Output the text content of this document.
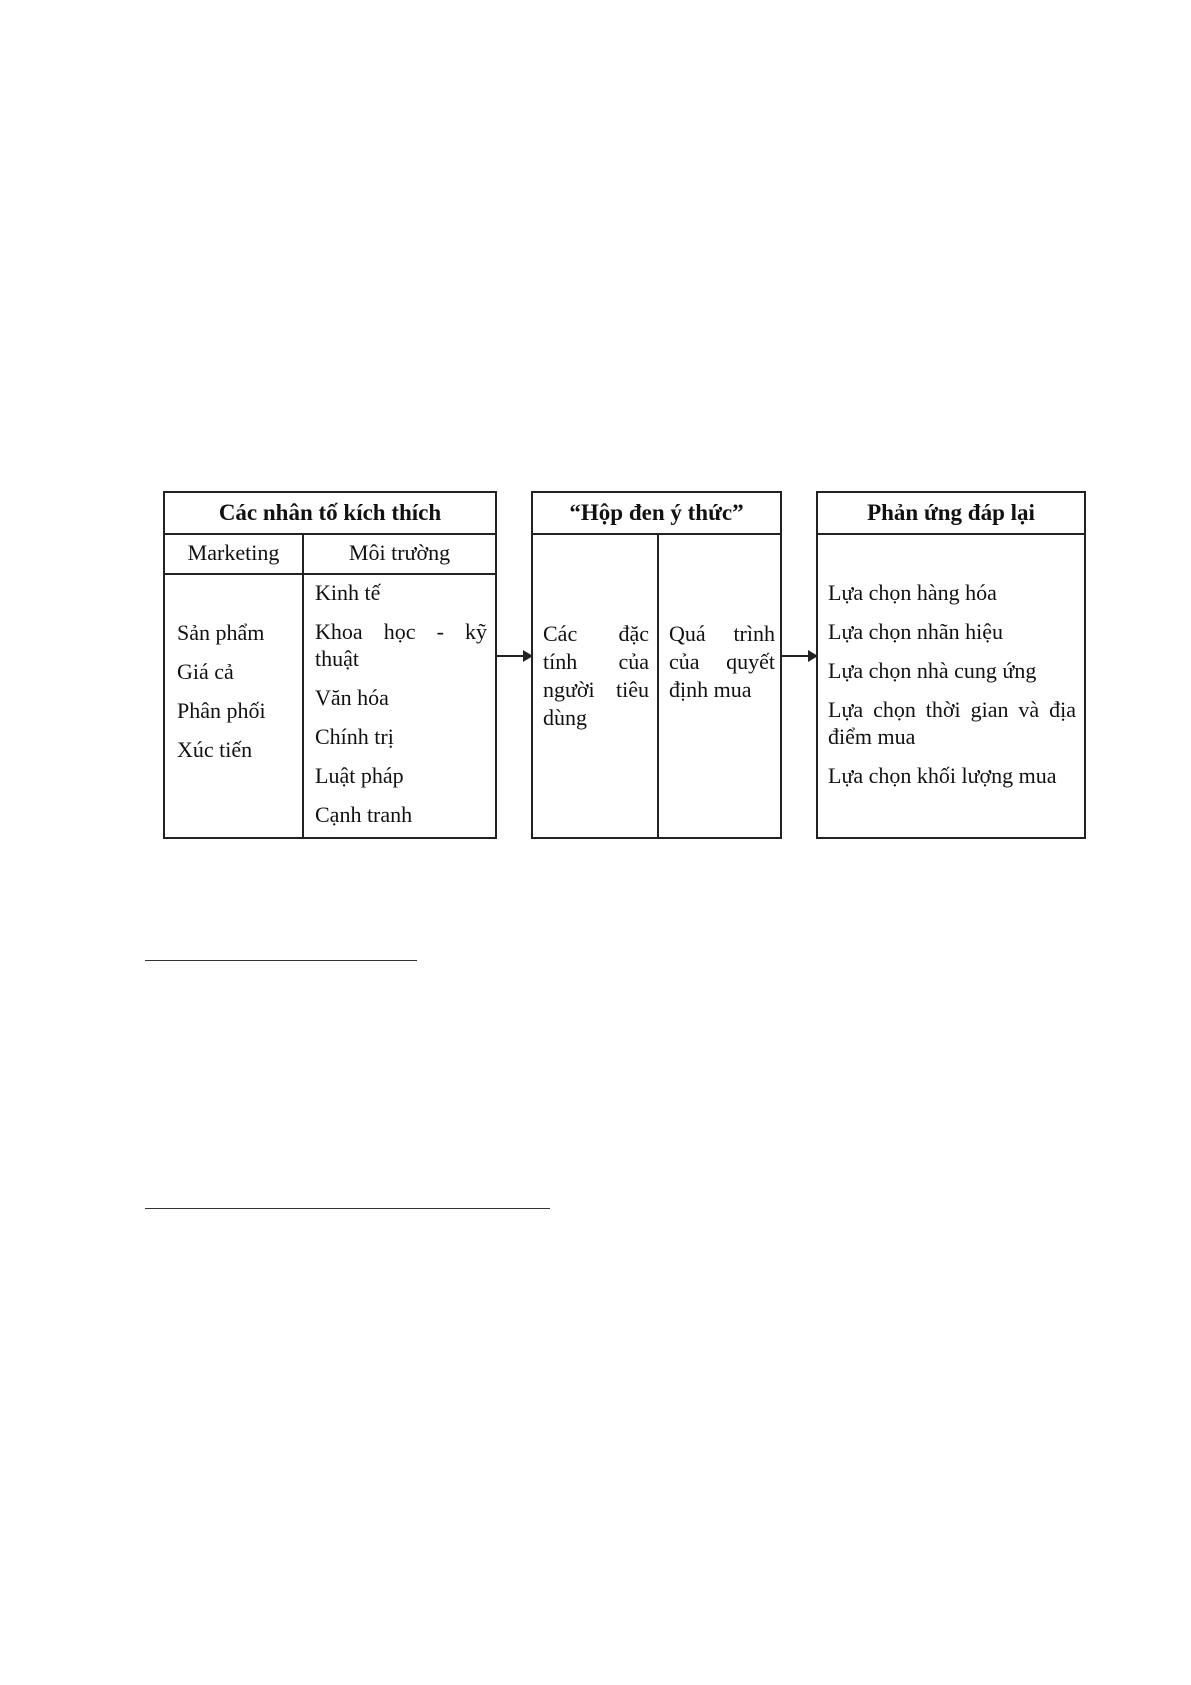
Các nhân tố kích thích
Marketing	Môi trường
Sản phẩm
Giá cả
Phân phối
Xúc tiến
Kinh tế
Khoa học - kỹ thuật
Văn hóa
Chính trị
Luật pháp
Cạnh tranh
“Hộp đen ý thức”
Các đặc tính của người tiêu dùng
Quá trình của quyết định mua
Phản ứng đáp lại
Lựa chọn hàng hóa
Lựa chọn nhãn hiệu
Lựa chọn nhà cung ứng
Lựa chọn thời gian và địa điểm mua
Lựa chọn khối lượng mua
